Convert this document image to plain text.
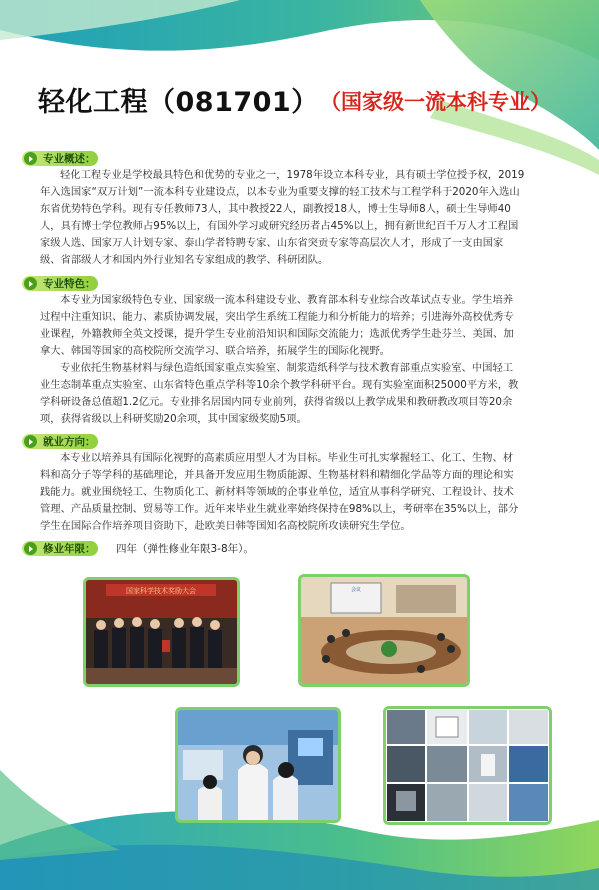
轻化工程（081701） （国家级一流本科专业）
专业概述：
轻化工程专业是学校最具特色和优势的专业之一，1978年设立本科专业，具有硕士学位授予权，2019
年入选国家“双万计划”一流本科专业建设点，以本专业为重要支撑的轻工技术与工程学科于2020年入选山
东省优势特色学科。现有专任教师73人，其中教授22人，副教授18人，博士生导师8人，硕士生导师40
人，具有博士学位教师占95%以上，有国外学习或研究经历者占45%以上，拥有新世纪百千万人才工程国
家级人选、国家万人计划专家、泰山学者特聘专家、山东省突贡专家等高层次人才，形成了一支由国家
级、省部级人才和国内外行业知名专家组成的教学、科研团队。
专业特色：
本专业为国家级特色专业、国家级一流本科建设专业、教育部本科专业综合改革试点专业。学生培养
过程中注重知识、能力、素质协调发展，突出学生系统工程能力和分析能力的培养；引进海外高校优秀专
业课程，外籍教师全英文授课，提升学生专业前沿知识和国际交流能力；选派优秀学生赴芬兰、美国、加
拿大、韩国等国家的高校院所交流学习、联合培养，拓展学生的国际化视野。
专业依托生物基材料与绿色造纸国家重点实验室、制浆造纸科学与技术教育部重点实验室、中国轻工
业生态制革重点实验室、山东省特色重点学科等10余个教学科研平台。现有实验室面积25000平方米，教
学科研设备总值超1.2亿元。专业排名居国内同专业前列，获得省级以上教学成果和教研教改项目等20余
项，获得省级以上科研奖励20余项，其中国家级奖励5项。
就业方向：
本专业以培养具有国际化视野的高素质应用型人才为目标。毕业生可扎实掌握轻工、化工、生物、材
料和高分子等学科的基础理论，并具备开发应用生物质能源、生物基材料和精细化学品等方面的理论和实
践能力。就业围绕轻工、生物质化工、新材料等领域的企事业单位，适宜从事科学研究、工程设计、技术
管理、产品质量控制、贸易等工作。近年来毕业生就业率始终保持在98%以上，考研率在35%以上，部分
学生在国际合作培养项目资助下，赴欧美日韩等国知名高校院所攻读研究生学位。
修业年限： 四年（弹性修业年限3-8年）。
国家科学技术奖励大会	会议
